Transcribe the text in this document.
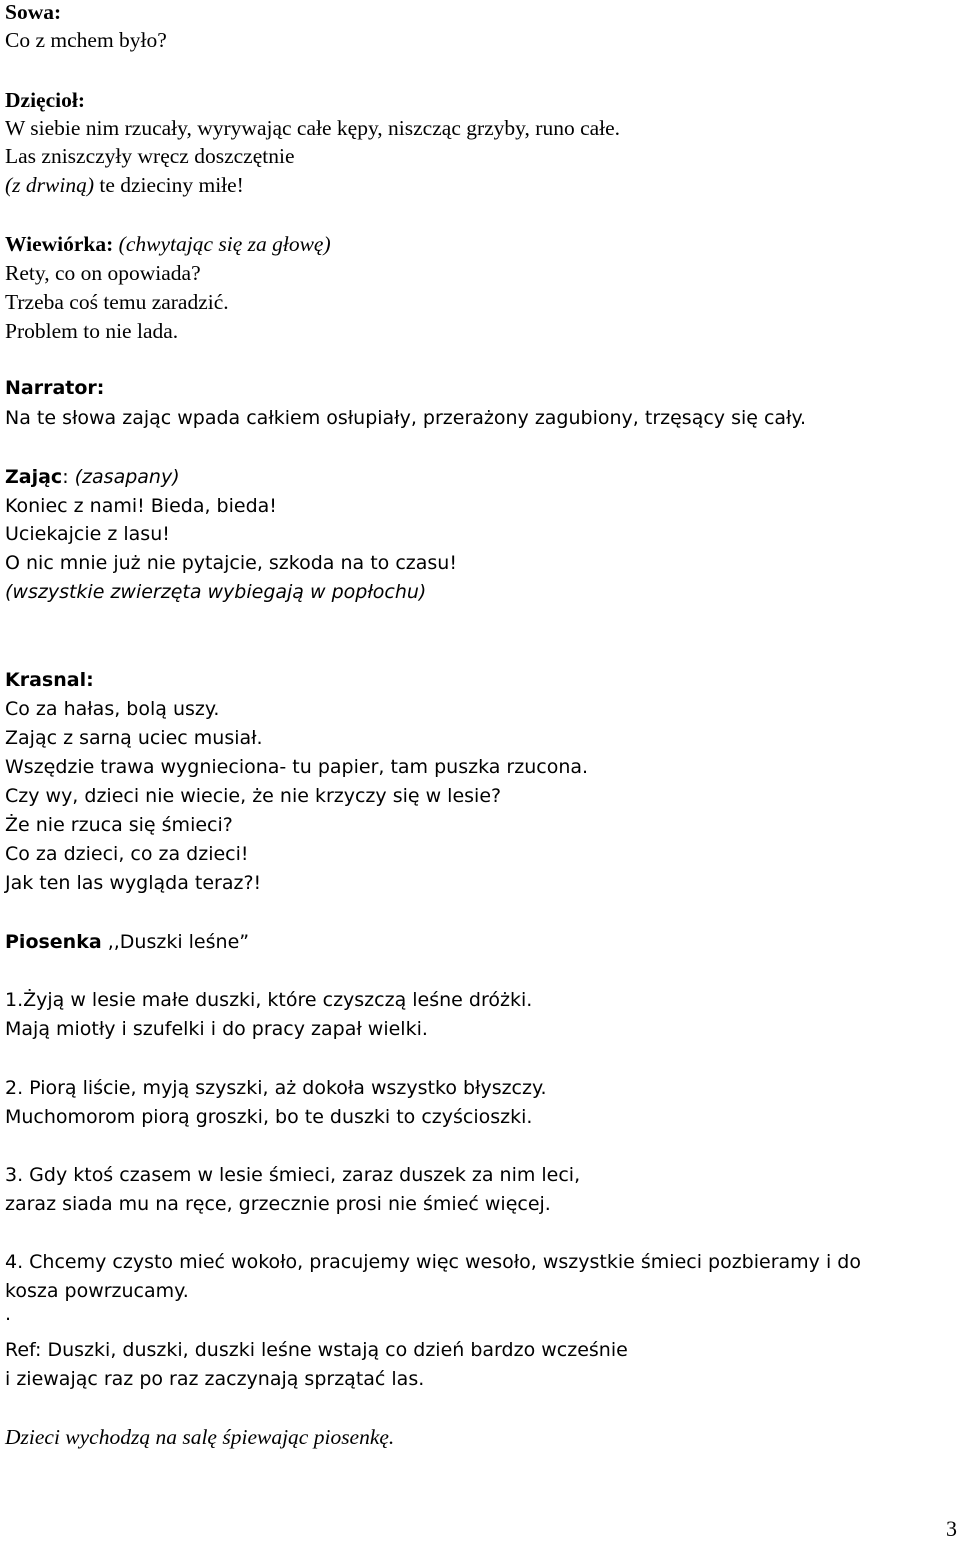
Sowa:
Co z mchem było?
Dzięcioł:
W siebie nim rzucały, wyrywając całe kępy, niszcząc grzyby, runo całe.
Las zniszczyły wręcz doszczętnie
(z drwiną) te dzieciny miłe!
Wiewiórka: (chwytając się za głowę)
Rety, co on opowiada?
Trzeba coś temu zaradzić.
Problem to nie lada.
Narrator:
Na te słowa zając wpada całkiem osłupiały, przerażony zagubiony, trzęsący się cały.
Zając: (zasapany)
Koniec z nami! Bieda, bieda!
Uciekajcie z lasu!
O nic mnie już nie pytajcie, szkoda na to czasu!
(wszystkie zwierzęta wybiegają w popłochu)
Krasnal:
Co za hałas, bolą uszy.
Zając z sarną uciec musiał.
Wszędzie trawa wygnieciona- tu papier, tam puszka rzucona.
Czy wy, dzieci nie wiecie, że nie krzyczy się w lesie?
Że nie rzuca się śmieci?
Co za dzieci, co za dzieci!
Jak ten las wygląda teraz?!
Piosenka ,,Duszki leśne”
1.Żyją w lesie małe duszki, które czyszczą leśne dróżki.
Mają miotły i szufelki i do pracy zapał wielki.
2. Piorą liście, myją szyszki, aż dokoła wszystko błyszczy.
Muchomorom piorą groszki, bo te duszki to czyścioszki.
3. Gdy ktoś czasem w lesie śmieci, zaraz duszek za nim leci,
zaraz siada mu na ręce, grzecznie prosi nie śmieć więcej.
4. Chcemy czysto mieć wokoło, pracujemy więc wesoło, wszystkie śmieci pozbieramy i do
kosza powrzucamy.
.
Ref: Duszki, duszki, duszki leśne wstają co dzień bardzo wcześnie
i ziewając raz po raz zaczynają sprzątać las.
Dzieci wychodzą na salę śpiewając piosenkę.
3
